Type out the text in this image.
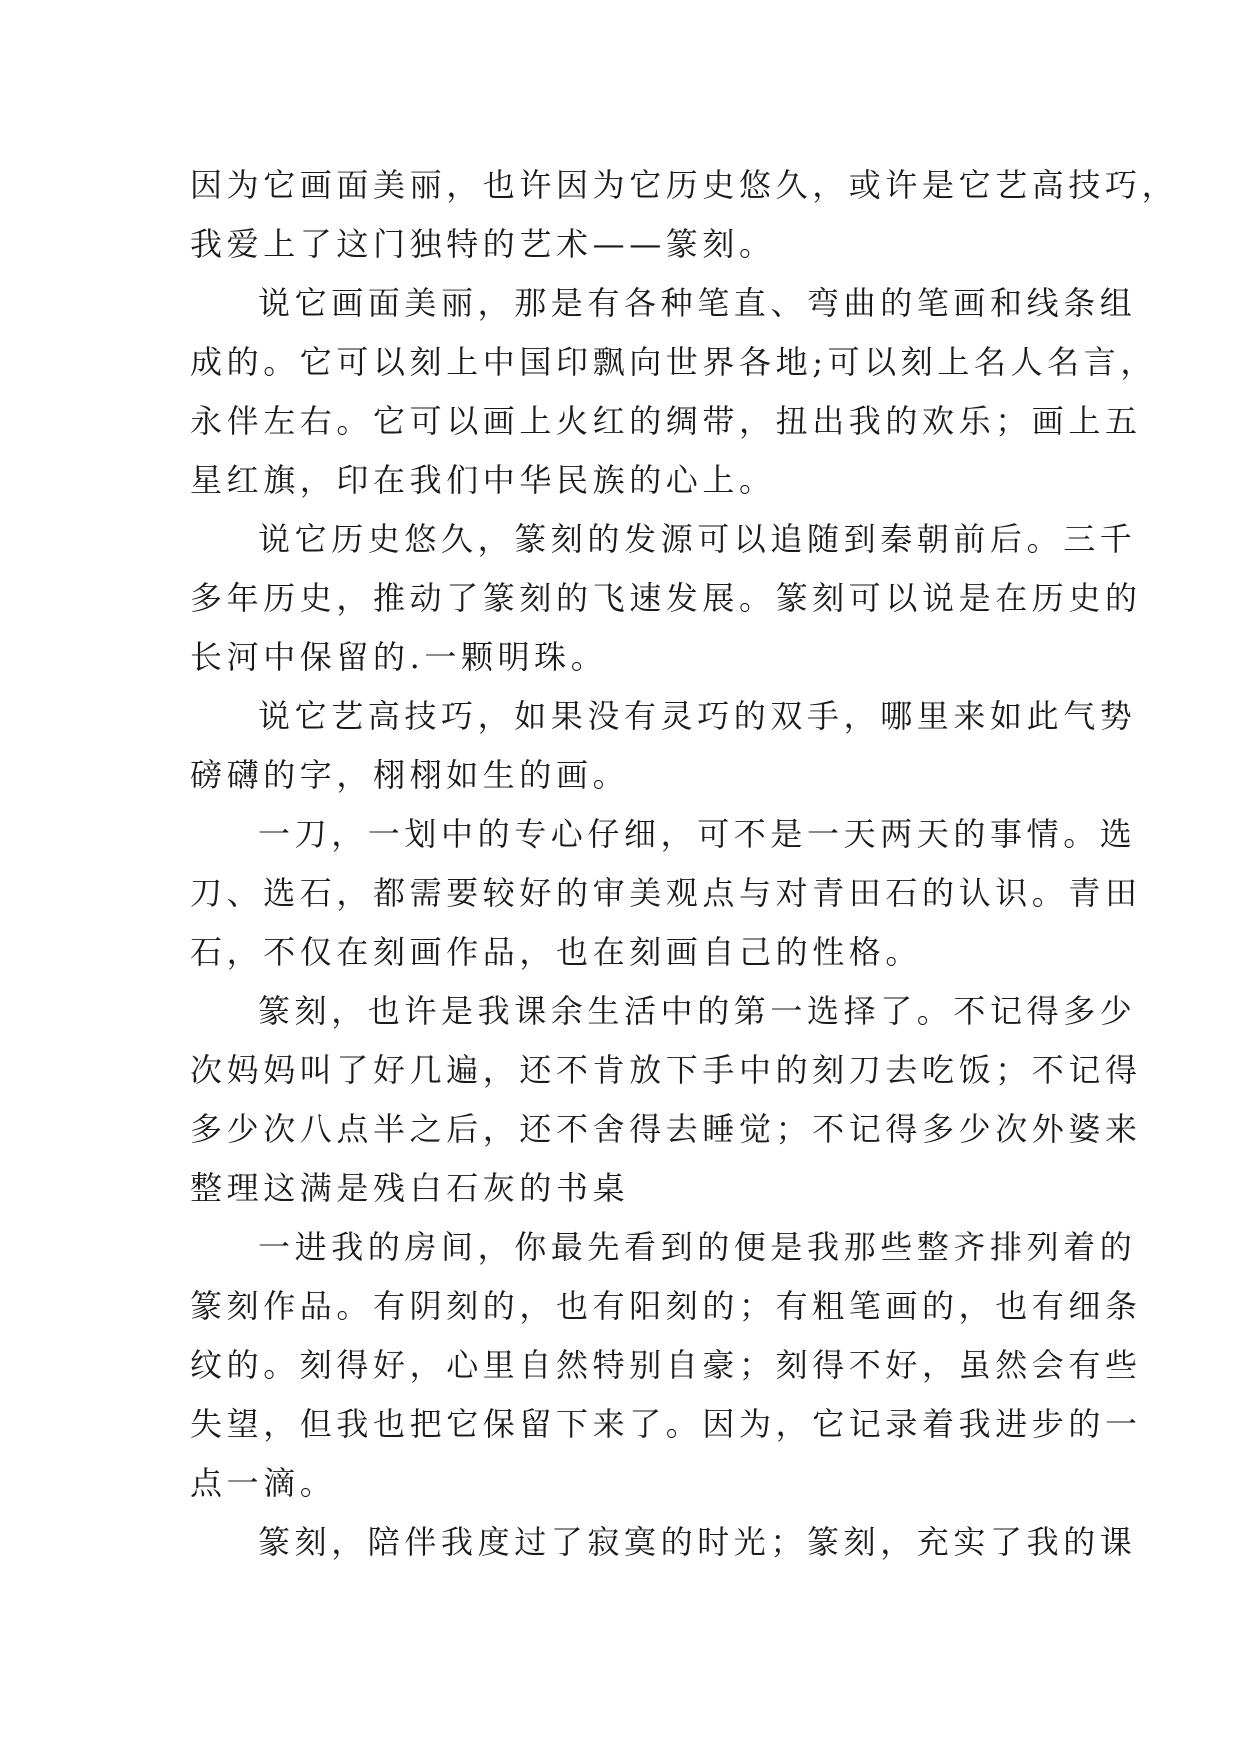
因为它画面美丽，也许因为它历史悠久，或许是它艺高技巧，
我爱上了这门独特的艺术——篆刻。
说它画面美丽，那是有各种笔直、弯曲的笔画和线条组
成的。它可以刻上中国印飘向世界各地;可以刻上名人名言，
永伴左右。它可以画上火红的绸带，扭出我的欢乐；画上五
星红旗，印在我们中华民族的心上。
说它历史悠久，篆刻的发源可以追随到秦朝前后。三千
多年历史，推动了篆刻的飞速发展。篆刻可以说是在历史的
长河中保留的.一颗明珠。
说它艺高技巧，如果没有灵巧的双手，哪里来如此气势
磅礴的字，栩栩如生的画。
一刀，一划中的专心仔细，可不是一天两天的事情。选
刀、选石，都需要较好的审美观点与对青田石的认识。青田
石，不仅在刻画作品，也在刻画自己的性格。
篆刻，也许是我课余生活中的第一选择了。不记得多少
次妈妈叫了好几遍，还不肯放下手中的刻刀去吃饭；不记得
多少次八点半之后，还不舍得去睡觉；不记得多少次外婆来
整理这满是残白石灰的书桌
一进我的房间，你最先看到的便是我那些整齐排列着的
篆刻作品。有阴刻的，也有阳刻的；有粗笔画的，也有细条
纹的。刻得好，心里自然特别自豪；刻得不好，虽然会有些
失望，但我也把它保留下来了。因为，它记录着我进步的一
点一滴。
篆刻，陪伴我度过了寂寞的时光；篆刻，充实了我的课
